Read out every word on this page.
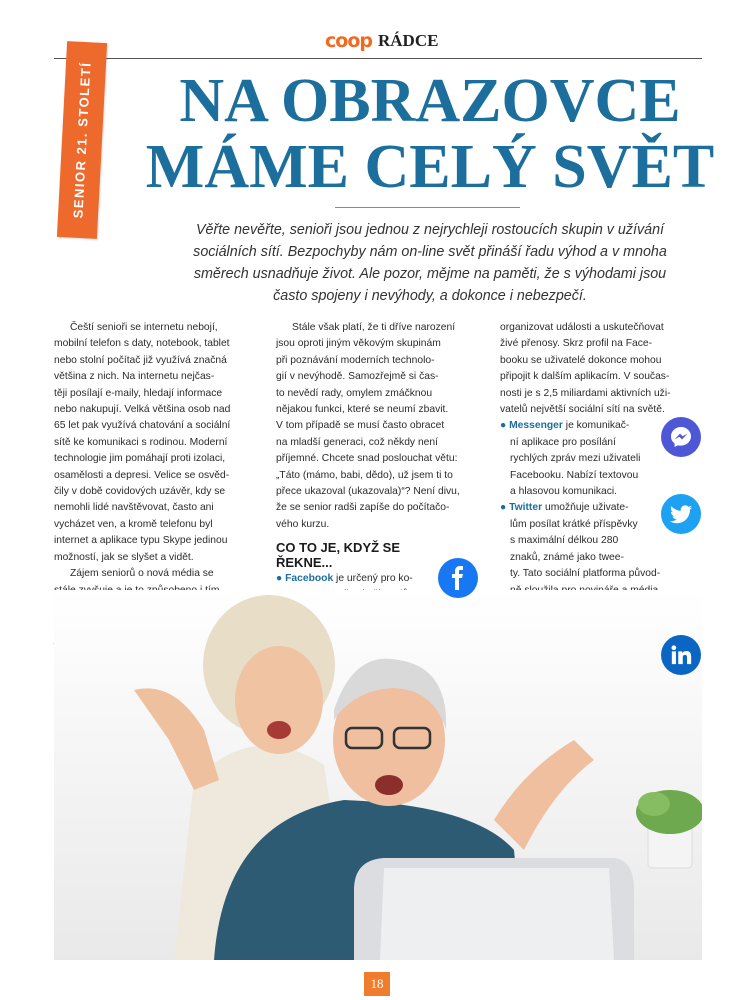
coop RÁDCE
SENIOR 21. STOLETÍ	NA OBRAZOVCE
MÁME CELÝ SVĚT
Věřte nevěřte, senioři jsou jednou z nejrychleji rostoucích skupin v užívání
sociálních sítí. Bezpochyby nám on-line svět přináší řadu výhod a v mnoha
směrech usnadňuje život. Ale pozor, mějme na paměti, že s výhodami jsou
často spojeny i nevýhody, a dokonce i nebezpečí.

Čeští senioři se internetu nebojí,

mobilní telefon s daty, notebook, tablet

nebo stolní počítač již využívá značná

většina z nich. Na internetu nejčas-

těji posílají e-maily, hledají informace

nebo nakupují. Velká většina osob nad

65 let pak využívá chatování a sociální

sítě ke komunikaci s rodinou. Moderní

technologie jim pomáhají proti izolaci,

osamělosti a depresi. Velice se osvěd-

čily v době covidových uzávěr, kdy se

nemohli lidé navštěvovat, často ani

vycházet ven, a kromě telefonu byl

internet a aplikace typu Skype jedinou

možností, jak se slyšet a vidět.

Zájem seniorů o nová média se

Stále však platí, že ti dříve narození

jsou oproti jiným věkovým skupinám

při poznávání moderních technolo-

gií v nevýhodě. Samozřejmě si čas-

to nevědí rady, omylem zmáčknou

nějakou funkci, které se neumí zbavit.

V tom případě se musí často obracet

na mladší generaci, což někdy není

příjemné. Chcete snad poslouchat větu:

„Táto (mámo, babi, dědo), už jsem ti to

přece ukazoval (ukazovala)“? Není divu,

že se senior radši zapíše do počítačo-

vého kurzu.

CO TO JE, KDYŽ SE ŘEKNE...

● Facebook je určený pro ko-

organizovat události a uskutečňovat

živé přenosy. Skrz profil na Face-

booku se uživatelé dokonce mohou

připojit k dalším aplikacím. V součas-

nosti je s 2,5 miliardami aktivních uži-

vatelů největší sociální sítí na světě.

● Messenger je komunikač-

ní aplikace pro posílání

rychlých zpráv mezi uživateli

Facebooku. Nabízí textovou

a hlasovou komunikaci.

● Twitter umožňuje uživate-

lům posílat krátké příspěvky

s maximální délkou 280

znaků, známé jako twee-

ty. Tato sociální platforma původ-

18
